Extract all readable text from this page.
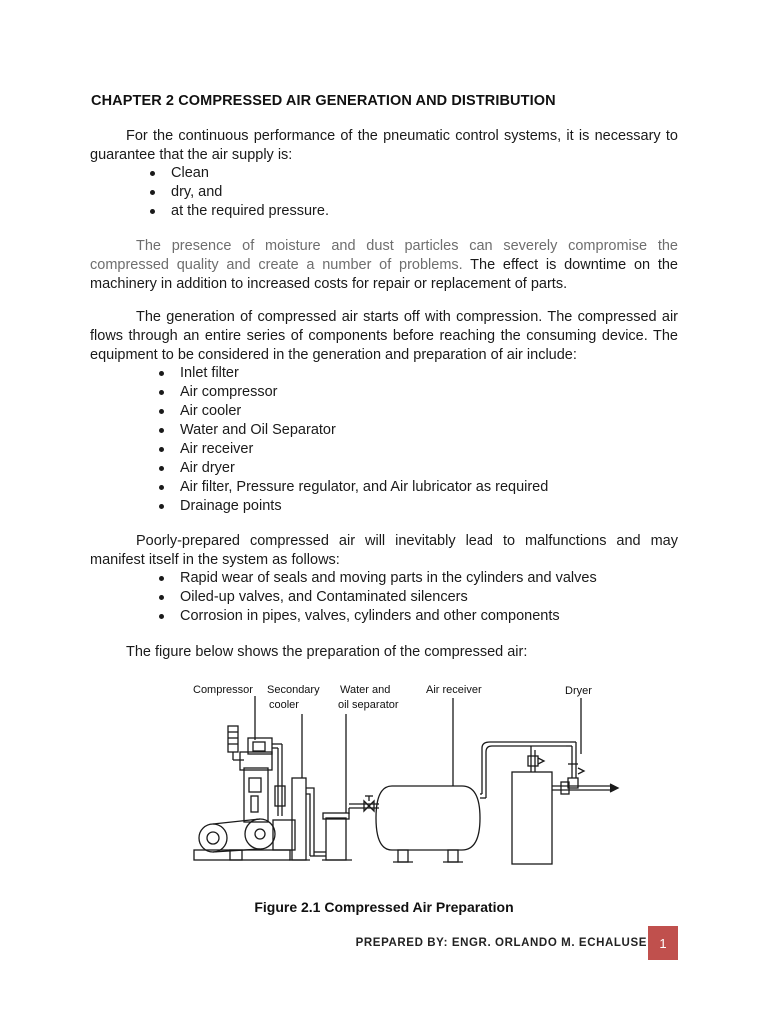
CHAPTER 2 COMPRESSED AIR GENERATION AND DISTRIBUTION

For the continuous performance of the pneumatic control systems, it is necessary to guarantee that the air supply is:

Clean
dry, and
at the required pressure.

The presence of moisture and dust particles can severely compromise the compressed quality and create a number of problems. The effect is downtime on the machinery in addition to increased costs for repair or replacement of parts.

The generation of compressed air starts off with compression. The compressed air flows through an entire series of components before reaching the consuming device. The equipment to be considered in the generation and preparation of air include:

Inlet filter
Air compressor
Air cooler
Water and Oil Separator
Air receiver
Air dryer
Air filter, Pressure regulator, and Air lubricator as required
Drainage points

Poorly-prepared compressed air will inevitably lead to malfunctions and may manifest itself in the system as follows:

Rapid wear of seals and moving parts in the cylinders and valves
Oiled-up valves, and Contaminated silencers
Corrosion in pipes, valves, cylinders and other components

The figure below shows the preparation of the compressed air:

Compressor Secondary
cooler
Water and
oil separator
Air receiver	Dryer

Figure 2.1 Compressed Air Preparation

PREPARED BY: ENGR. ORLANDO M. ECHALUSE 1
